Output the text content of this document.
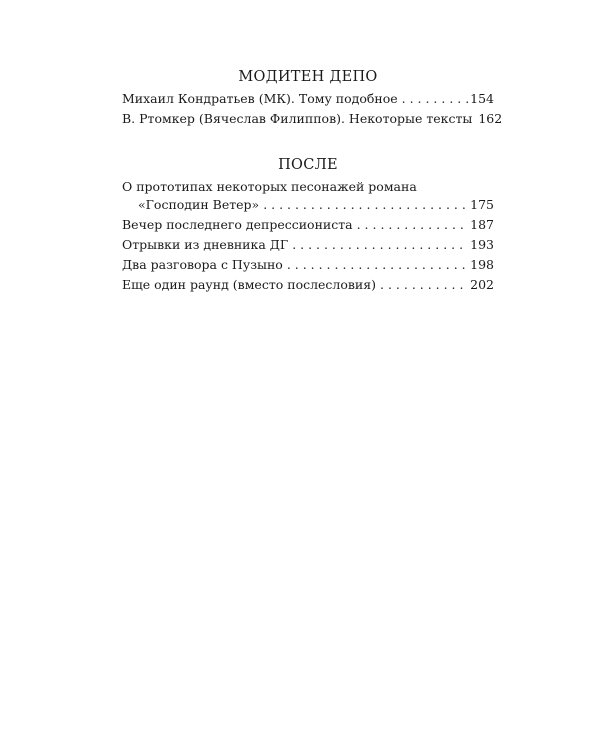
МОДИТЕН ДЕПО
Михаил Кондратьев (МК). Тому подобное . . .	154
В. Ртомкер (Вячеслав Филиппов). Некоторые тексты 162
ПОСЛЕ
О прототипах некоторых песонажей романа
«Господин Ветер» . . .	175
Вечер последнего депрессиониста . . .	187
Отрывки из дневника ДГ . . .	193
Два разговора с Пузыно . . .	198
Еще один раунд (вместо послесловия) . . .	202
